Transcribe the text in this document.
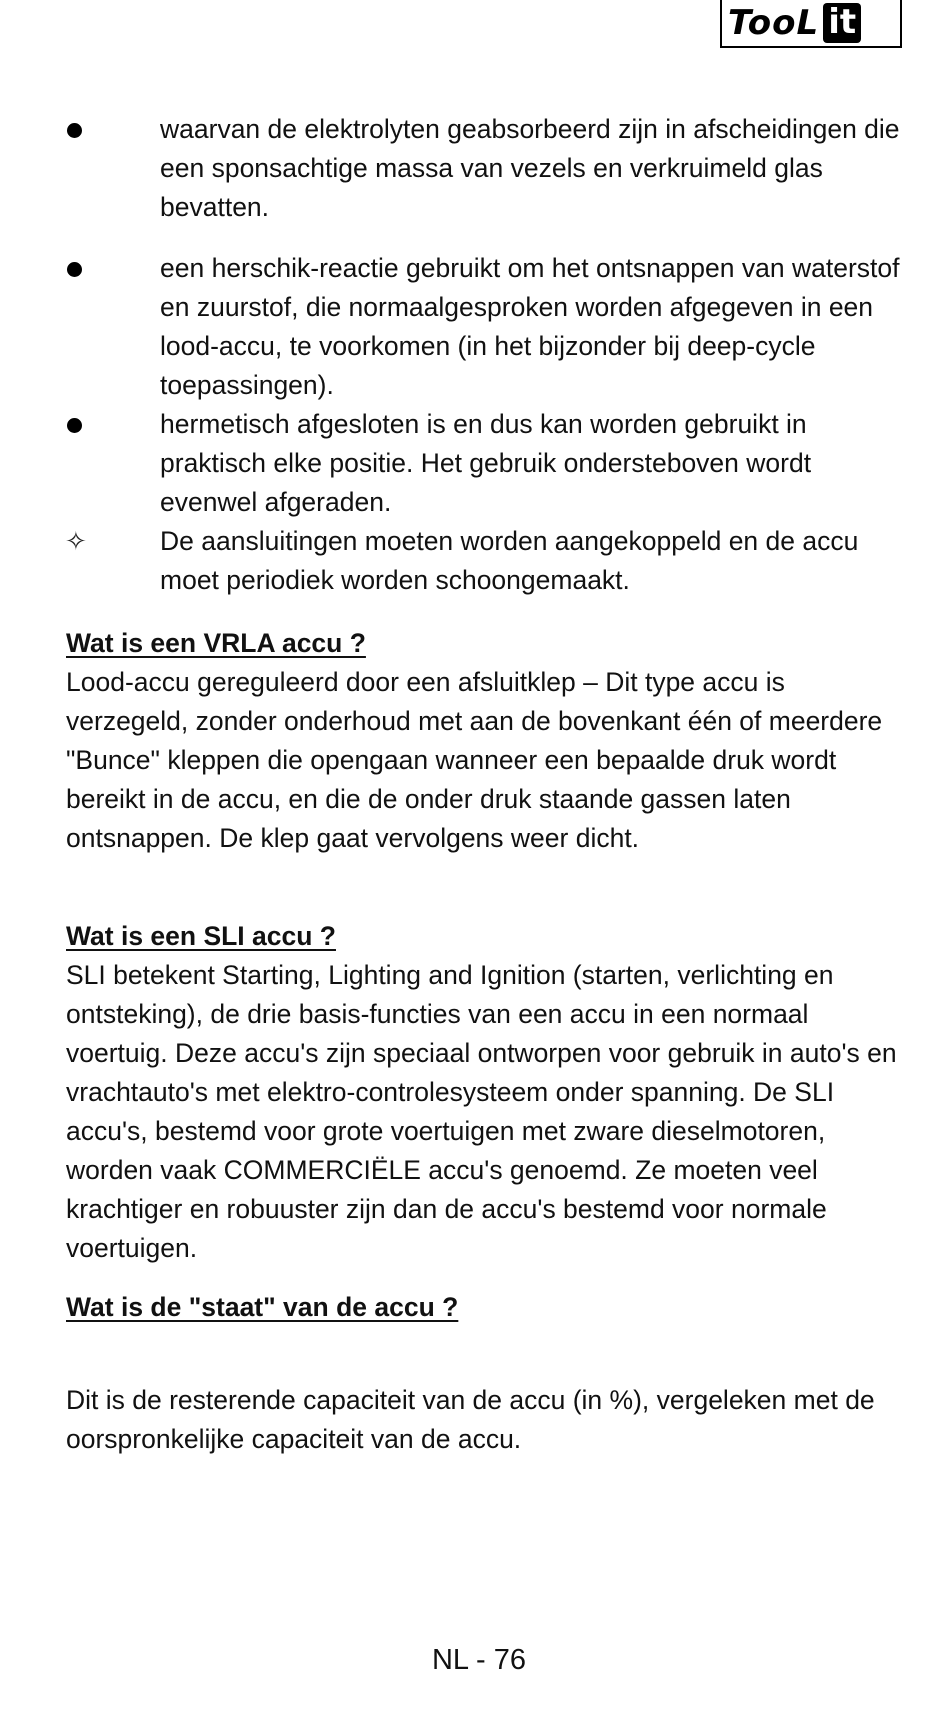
TooL it
waarvan de elektrolyten geabsorbeerd zijn in afscheidingen die een sponsachtige massa van vezels en verkruimeld glas bevatten.
een herschik-reactie gebruikt om het ontsnappen van waterstof en zuurstof, die normaalgesproken worden afgegeven in een lood-accu, te voorkomen (in het bijzonder bij deep-cycle toepassingen).
hermetisch afgesloten is en dus kan worden gebruikt in praktisch elke positie. Het gebruik ondersteboven wordt evenwel afgeraden.
✧	De aansluitingen moeten worden aangekoppeld en de accu moet periodiek worden schoongemaakt.
Wat is een VRLA accu ?
Lood-accu gereguleerd door een afsluitklep – Dit type accu is verzegeld, zonder onderhoud met aan de bovenkant één of meerdere "Bunce" kleppen die opengaan wanneer een bepaalde druk wordt bereikt in de accu, en die de onder druk staande gassen laten ontsnappen. De klep gaat vervolgens weer dicht.
Wat is een SLI accu ?
SLI betekent Starting, Lighting and Ignition (starten, verlichting en ontsteking), de drie basis-functies van een accu in een normaal voertuig. Deze accu's zijn speciaal ontworpen voor gebruik in auto's en vrachtauto's met elektro-controlesysteem onder spanning. De SLI accu's, bestemd voor grote voertuigen met zware dieselmotoren, worden vaak COMMERCIËLE accu's genoemd. Ze moeten veel krachtiger en robuuster zijn dan de accu's bestemd voor normale voertuigen.
Wat is de "staat" van de accu ?
Dit is de resterende capaciteit van de accu (in %), vergeleken met de oorspronkelijke capaciteit van de accu.
NL - 76
